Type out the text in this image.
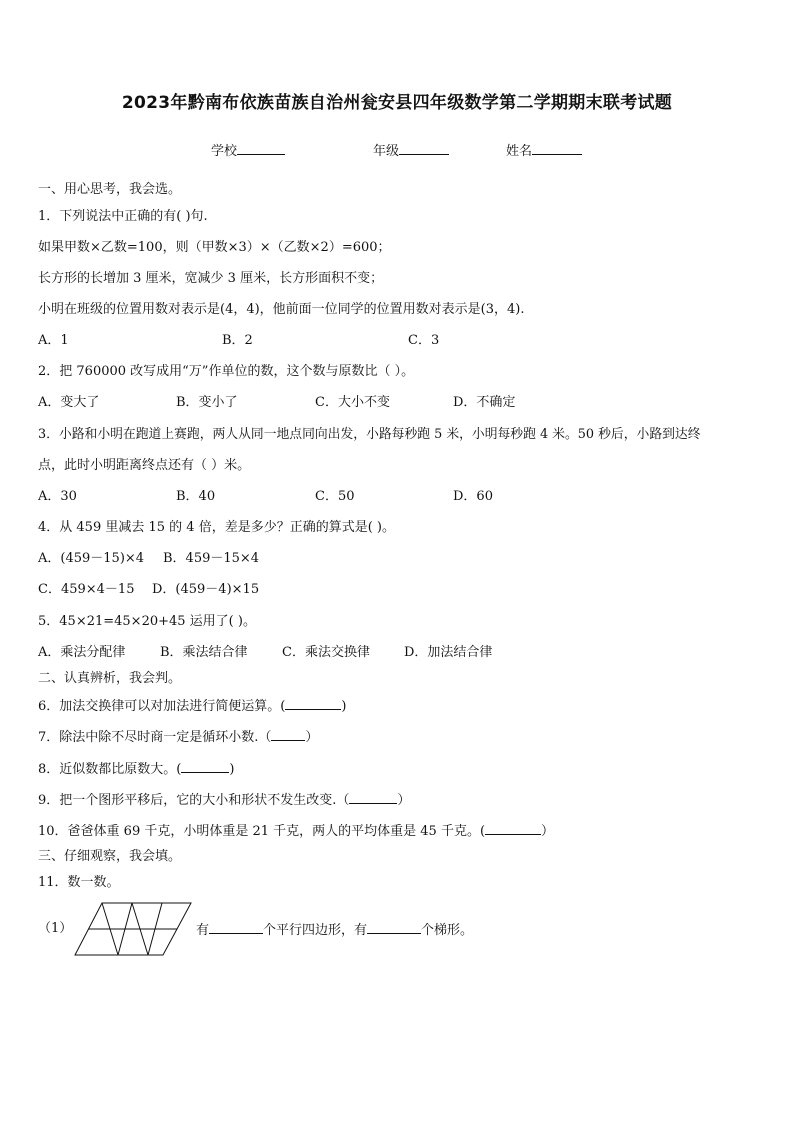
2023年黔南布依族苗族自治州瓮安县四年级数学第二学期期末联考试题
学校	年级	姓名
一、用心思考，我会选。
1．下列说法中正确的有( )句.
如果甲数×乙数=100，则（甲数×3）×（乙数×2）=600；
长方形的长增加 3 厘米，宽减少 3 厘米，长方形面积不变；
小明在班级的位置用数对表示是(4，4)，他前面一位同学的位置用数对表示是(3，4).
A．1	B．2	C．3
2．把 760000 改写成用“万”作单位的数，这个数与原数比（ ）。
A．变大了	B．变小了	C．大小不变	D．不确定
3．小路和小明在跑道上赛跑，两人从同一地点同向出发，小路每秒跑 5 米，小明每秒跑 4 米。50 秒后，小路到达终
点，此时小明距离终点还有（ ）米。
A．30	B．40	C．50	D．60
4．从 459 里减去 15 的 4 倍，差是多少？正确的算式是( )。
A．(459－15)×4 B．459－15×4
C．459×4－15 D．(459－4)×15
5．45×21=45×20+45 运用了( )。
A．乘法分配律	B．乘法结合律	C．乘法交换律	D．加法结合律
二、认真辨析，我会判。
6．加法交换律可以对加法进行简便运算。(	)
7．除法中除不尽时商一定是循环小数.（	）
8．近似数都比原数大。(	)
9．把一个图形平移后，它的大小和形状不发生改变.（	）
10．爸爸体重 69 千克，小明体重是 21 千克，两人的平均体重是 45 千克。(	）
三、仔细观察，我会填。
11．数一数。
（1）	有	个平行四边形，有	个梯形。
